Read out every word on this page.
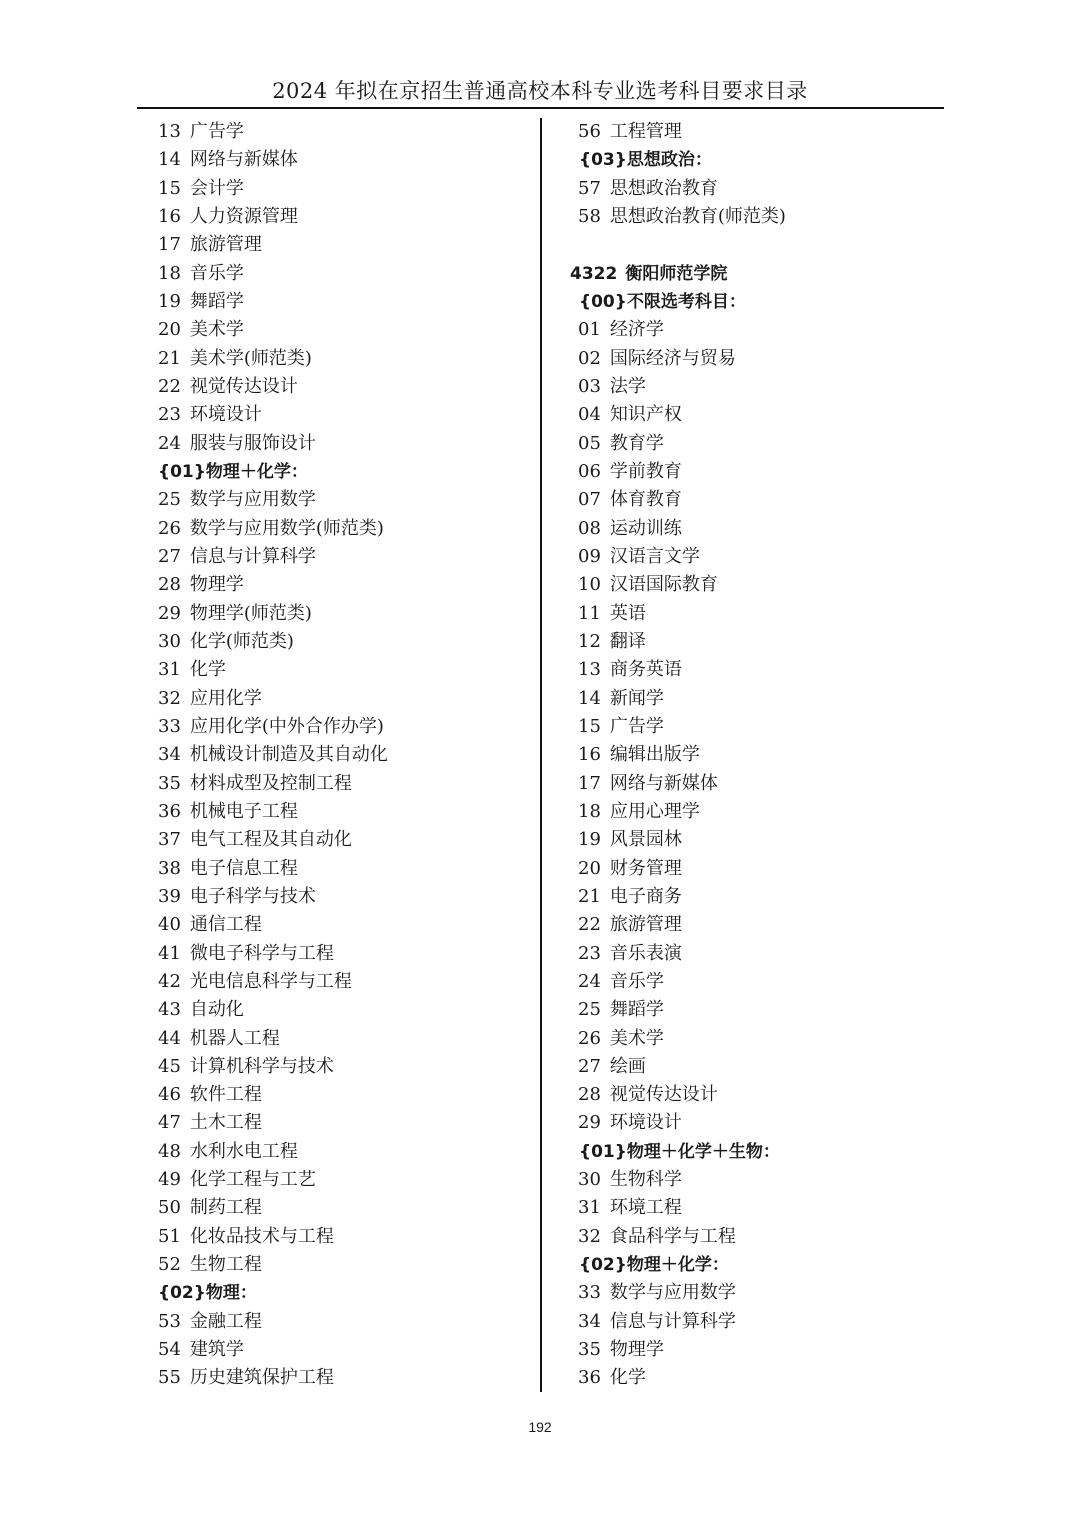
2024 年拟在京招生普通高校本科专业选考科目要求目录
13 广告学
14 网络与新媒体
15 会计学
16 人力资源管理
17 旅游管理
18 音乐学
19 舞蹈学
20 美术学
21 美术学(师范类)
22 视觉传达设计
23 环境设计
24 服装与服饰设计
{01}物理＋化学：
25 数学与应用数学
26 数学与应用数学(师范类)
27 信息与计算科学
28 物理学
29 物理学(师范类)
30 化学(师范类)
31 化学
32 应用化学
33 应用化学(中外合作办学)
34 机械设计制造及其自动化
35 材料成型及控制工程
36 机械电子工程
37 电气工程及其自动化
38 电子信息工程
39 电子科学与技术
40 通信工程
41 微电子科学与工程
42 光电信息科学与工程
43 自动化
44 机器人工程
45 计算机科学与技术
46 软件工程
47 土木工程
48 水利水电工程
49 化学工程与工艺
50 制药工程
51 化妆品技术与工程
52 生物工程
{02}物理：
53 金融工程
54 建筑学
55 历史建筑保护工程
56 工程管理
{03}思想政治：
57 思想政治教育
58 思想政治教育(师范类)
4322 衡阳师范学院
{00}不限选考科目：
01 经济学
02 国际经济与贸易
03 法学
04 知识产权
05 教育学
06 学前教育
07 体育教育
08 运动训练
09 汉语言文学
10 汉语国际教育
11 英语
12 翻译
13 商务英语
14 新闻学
15 广告学
16 编辑出版学
17 网络与新媒体
18 应用心理学
19 风景园林
20 财务管理
21 电子商务
22 旅游管理
23 音乐表演
24 音乐学
25 舞蹈学
26 美术学
27 绘画
28 视觉传达设计
29 环境设计
{01}物理＋化学＋生物：
30 生物科学
31 环境工程
32 食品科学与工程
{02}物理＋化学：
33 数学与应用数学
34 信息与计算科学
35 物理学
36 化学
192
